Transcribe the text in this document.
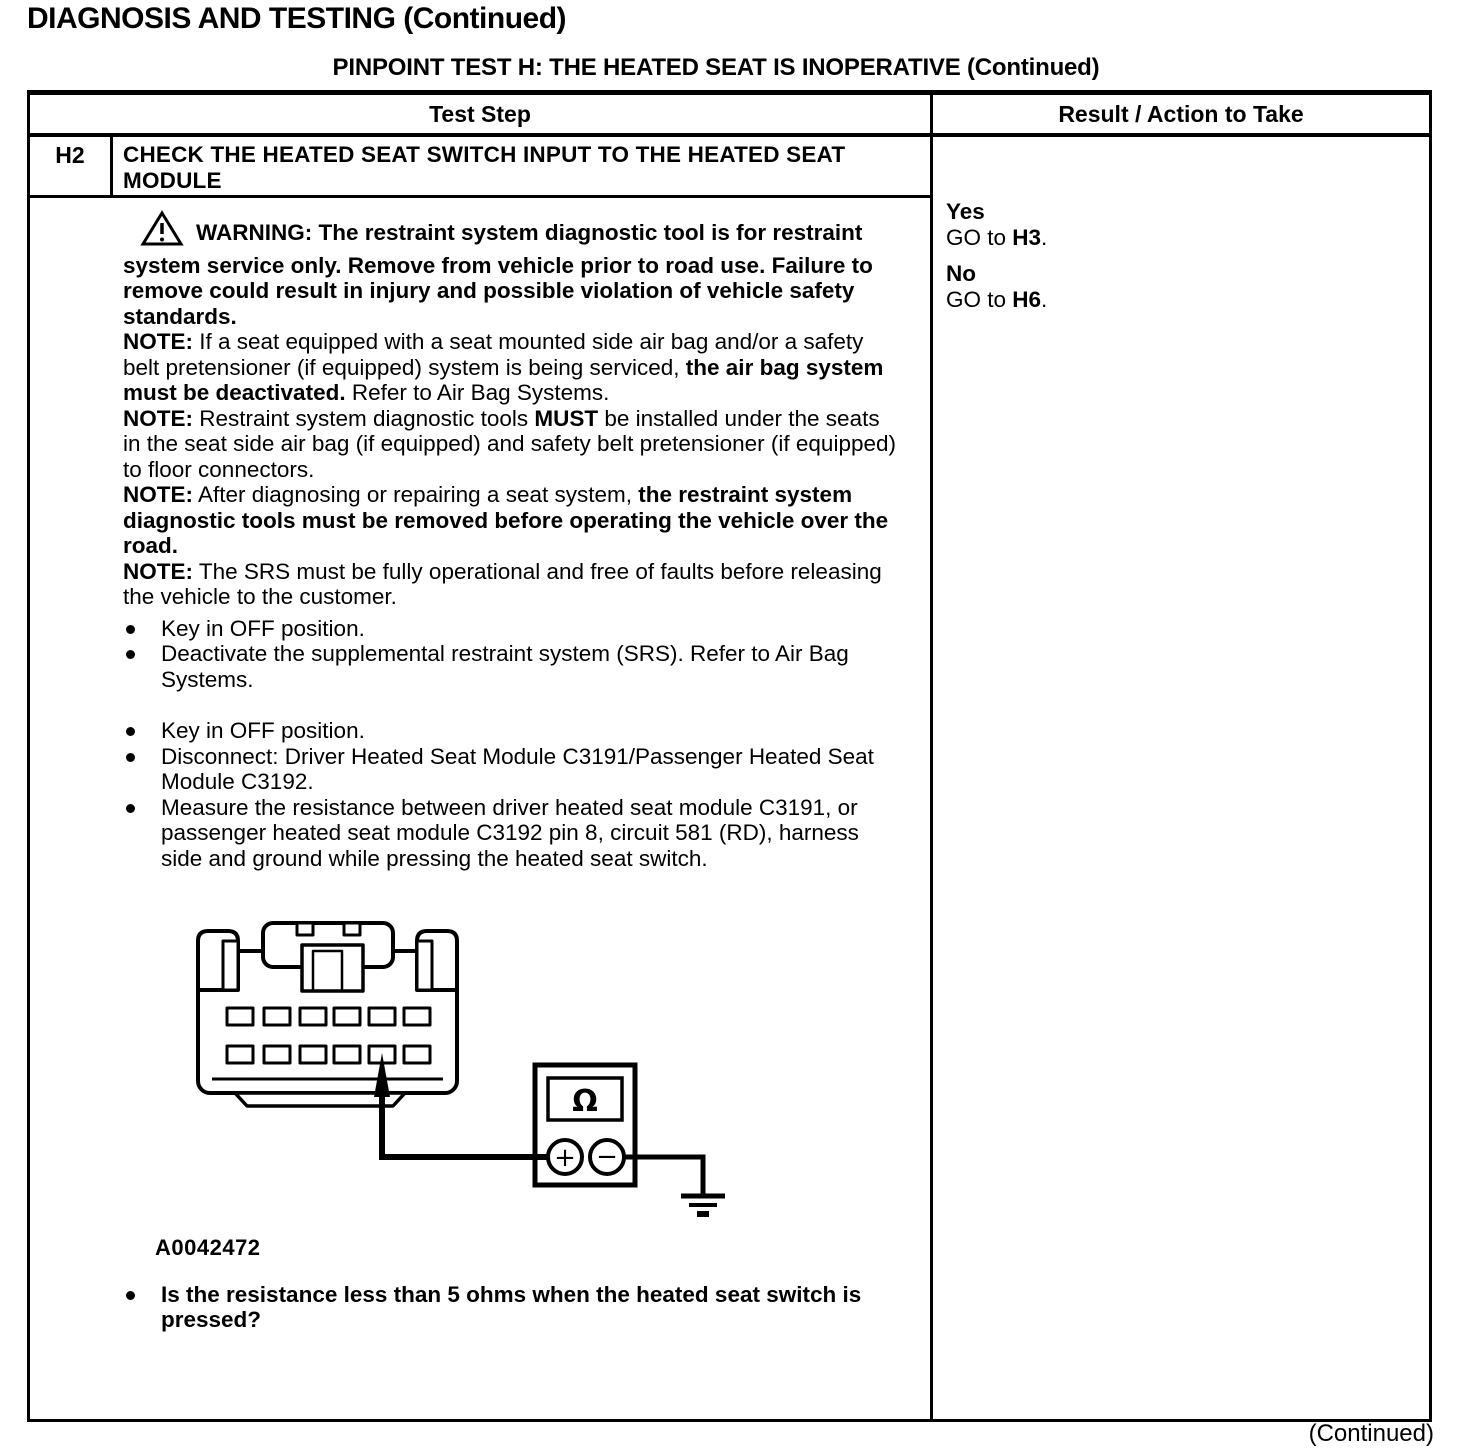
DIAGNOSIS AND TESTING (Continued)
PINPOINT TEST H: THE HEATED SEAT IS INOPERATIVE (Continued)
Test Step	Result / Action to Take
H2	CHECK THE HEATED SEAT SWITCH INPUT TO THE HEATED SEAT MODULE

WARNING: The restraint system diagnostic tool is for restraint system service only. Remove from vehicle prior to road use. Failure to remove could result in injury and possible violation of vehicle safety standards.

NOTE: If a seat equipped with a seat mounted side air bag and/or a safety belt pretensioner (if equipped) system is being serviced, the air bag system must be deactivated. Refer to Air Bag Systems.

NOTE: Restraint system diagnostic tools MUST be installed under the seats in the seat side air bag (if equipped) and safety belt pretensioner (if equipped) to floor connectors.

NOTE: After diagnosing or repairing a seat system, the restraint system diagnostic tools must be removed before operating the vehicle over the road.

NOTE: The SRS must be fully operational and free of faults before releasing the vehicle to the customer.

Key in OFF position.
Deactivate the supplemental restraint system (SRS). Refer to Air Bag Systems.
Key in OFF position.
Disconnect: Driver Heated Seat Module C3191/Passenger Heated Seat Module C3192.
Measure the resistance between driver heated seat module C3191, or passenger heated seat module C3192 pin 8, circuit 581 (RD), harness side and ground while pressing the heated seat switch.
Ω
+ −
A0042472
Is the resistance less than 5 ohms when the heated seat switch is pressed?
Yes
GO to H3.
No
GO to H6.
(Continued)
